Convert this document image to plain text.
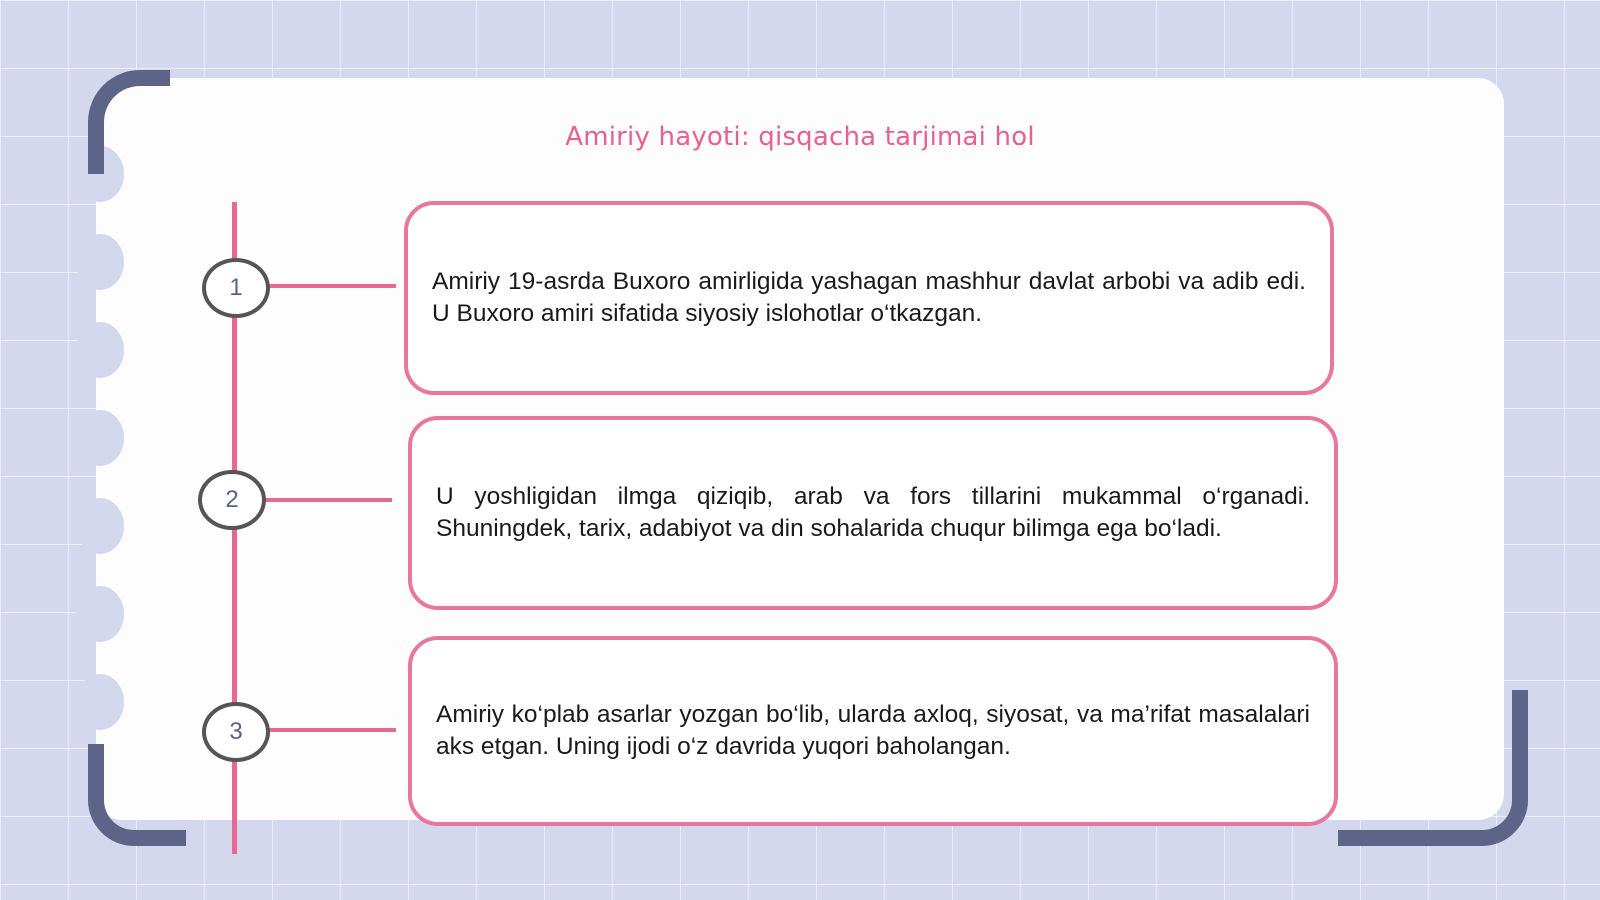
Amiriy hayoti: qisqacha tarjimai hol
1
2
3

Amiriy 19-asrda Buxoro amirligida yashagan mashhur davlat arbobi va adib edi. U Buxoro amiri sifatida siyosiy islohotlar o‘tkazgan.

U yoshligidan ilmga qiziqib, arab va fors tillarini mukammal o‘rganadi. Shuningdek, tarix, adabiyot va din sohalarida chuqur bilimga ega bo‘ladi.

Amiriy ko‘plab asarlar yozgan bo‘lib, ularda axloq, siyosat, va ma’rifat masalalari aks etgan. Uning ijodi o‘z davrida yuqori baholangan.
